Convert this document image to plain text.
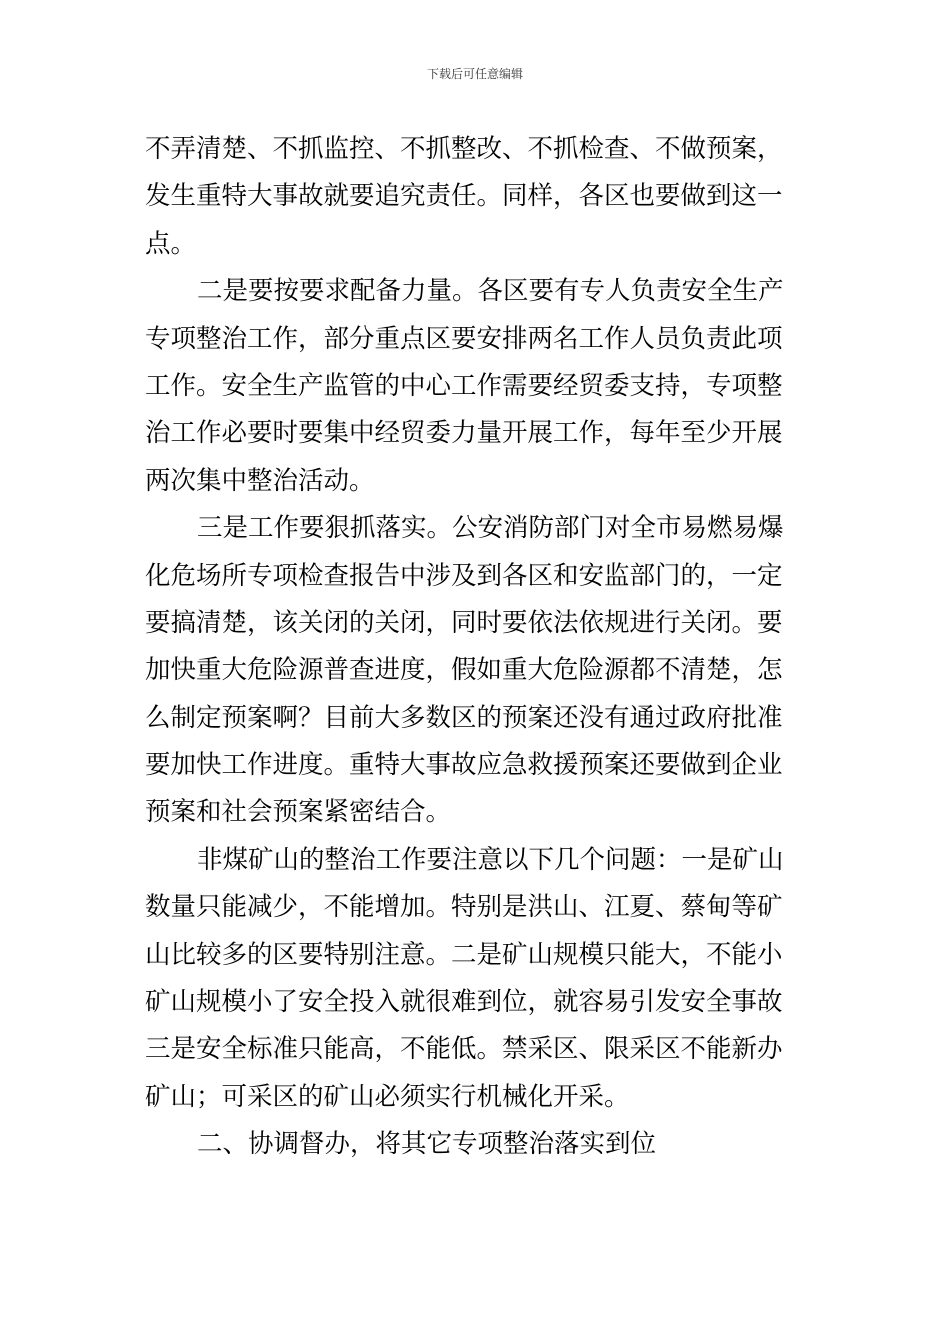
下载后可任意编辑
不弄清楚、不抓监控、不抓整改、不抓检查、不做预案，
发生重特大事故就要追究责任。同样，各区也要做到这一
点。
二是要按要求配备力量。各区要有专人负责安全生产
专项整治工作，部分重点区要安排两名工作人员负责此项
工作。安全生产监管的中心工作需要经贸委支持，专项整
治工作必要时要集中经贸委力量开展工作，每年至少开展
两次集中整治活动。
三是工作要狠抓落实。公安消防部门对全市易燃易爆
化危场所专项检查报告中涉及到各区和安监部门的，一定
要搞清楚，该关闭的关闭，同时要依法依规进行关闭。要
加快重大危险源普查进度，假如重大危险源都不清楚，怎
么制定预案啊？目前大多数区的预案还没有通过政府批准
要加快工作进度。重特大事故应急救援预案还要做到企业
预案和社会预案紧密结合。
非煤矿山的整治工作要注意以下几个问题：一是矿山
数量只能减少，不能增加。特别是洪山、江夏、蔡甸等矿
山比较多的区要特别注意。二是矿山规模只能大，不能小
矿山规模小了安全投入就很难到位，就容易引发安全事故
三是安全标准只能高，不能低。禁采区、限采区不能新办
矿山；可采区的矿山必须实行机械化开采。
二、协调督办，将其它专项整治落实到位
